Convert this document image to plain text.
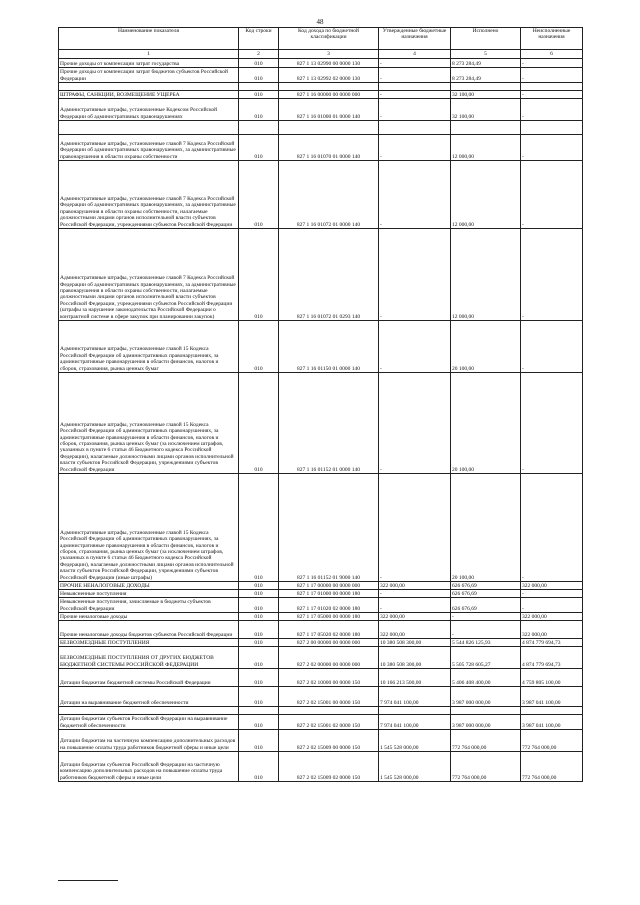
48
Наименование показателя	Код строки	Код дохода по бюджетной классификации	Утвержденные бюджетные назначения	Исполнено	Неисполненные назначения
1	2	3	4	5	6
Прочие доходы от компенсации затрат государства	010	827 1 13 02990 00 0000 130	-	8 273 284,49	-
Прочие доходы от компенсации затрат бюджетов субъектов Российской Федерации	010	827 1 13 02992 02 0000 130	-	8 273 284,49	-

ШТРАФЫ, САНКЦИИ, ВОЗМЕЩЕНИЕ УЩЕРБА	010	827 1 16 00000 00 0000 000	-	32 100,00	-
Административные штрафы, установленные Кодексом Российской Федерации об административных правонарушениях	010	827 1 16 01000 01 0000 140	-	32 100,00	-

Административные штрафы, установленные главой 7 Кодекса Российской Федерации об административных правонарушениях, за административные правонарушения в области охраны собственности	010	827 1 16 01070 01 0000 140	-	12 000,00	-
Административные штрафы, установленные главой 7 Кодекса Российской Федерации об административных правонарушениях, за административные правонарушения в области охраны собственности, налагаемые должностными лицами органов исполнительной власти субъектов Российской Федерации, учреждениями субъектов Российской Федерации	010	827 1 16 01072 01 0000 140	-	12 000,00	-
Административные штрафы, установленные главой 7 Кодекса Российской Федерации об административных правонарушениях, за административные правонарушения в области охраны собственности, налагаемые должностными лицами органов исполнительной власти субъектов Российской Федерации, учреждениями субъектов Российской Федерации (штрафы за нарушение законодательства Российской Федерации о контрактной системе в сфере закупок при планировании закупок)	010	827 1 16 01072 01 0293 140	-	12 000,00	-
Административные штрафы, установленные главой 15 Кодекса Российской Федерации об административных правонарушениях, за административные правонарушения в области финансов, налогов и сборов, страхования, рынка ценных бумаг	010	827 1 16 01150 01 0000 140	-	20 100,00	-
Административные штрафы, установленные главой 15 Кодекса Российской Федерации об административных правонарушениях, за административные правонарушения в области финансов, налогов и сборов, страхования, рынка ценных бумаг (за исключением штрафов, указанных в пункте 6 статьи 46 Бюджетного кодекса Российской Федерации), налагаемые должностными лицами органов исполнительной власти субъектов Российской Федерации, учреждениями субъектов Российской Федерации	010	827 1 16 01152 01 0000 140	-	20 100,00	-
Административные штрафы, установленные главой 15 Кодекса Российской Федерации об административных правонарушениях, за административные правонарушения в области финансов, налогов и сборов, страхования, рынка ценных бумаг (за исключением штрафов, указанных в пункте 6 статьи 46 Бюджетного кодекса Российской Федерации), налагаемые должностными лицами органов исполнительной власти субъектов Российской Федерации, учреждениями субъектов Российской Федерации (иные штрафы)	010	827 1 16 01152 01 9000 140	-	20 100,00	-
ПРОЧИЕ НЕНАЛОГОВЫЕ ДОХОДЫ	010	827 1 17 00000 00 0000 000	322 000,00	626 676,69	322 000,00
Невыясненные поступления	010	827 1 17 01000 00 0000 180	-	626 676,69	-
Невыясненные поступления, зачисляемые в бюджеты субъектов Российской Федерации	010	827 1 17 01020 02 0000 180	-	626 676,69	-
Прочие неналоговые доходы	010	827 1 17 05000 00 0000 180	322 000,00	-	322 000,00
Прочие неналоговые доходы бюджетов субъектов Российской Федерации	010	827 1 17 05020 02 0000 180	322 000,00	-	322 000,00
БЕЗВОЗМЕЗДНЫЕ ПОСТУПЛЕНИЯ	010	827 2 00 00000 00 0000 000	10 380 508 300,00	5 544 826 125,93	4 874 779 694,73
БЕЗВОЗМЕЗДНЫЕ ПОСТУПЛЕНИЯ ОТ ДРУГИХ БЮДЖЕТОВ БЮДЖЕТНОЙ СИСТЕМЫ РОССИЙСКОЙ ФЕДЕРАЦИИ	010	827 2 02 00000 00 0000 000	10 380 508 300,00	5 505 728 605,27	4 874 779 694,73
Дотации бюджетам бюджетной системы Российской Федерации	010	827 2 02 10000 00 0000 150	10 166 213 500,00	5 406 408 400,00	4 759 805 100,00
Дотации на выравнивание бюджетной обеспеченности	010	827 2 02 15001 00 0000 150	7 974 041 100,00	3 987 000 000,00	3 987 041 100,00

Дотации бюджетам субъектов Российской Федерации на выравнивание бюджетной обеспеченности	010	827 2 02 15001 02 0000 150	7 974 041 100,00	3 987 000 000,00	3 987 041 100,00
Дотации бюджетам на частичную компенсацию дополнительных расходов на повышение оплаты труда работников бюджетной сферы и иные цели	010	827 2 02 15009 00 0000 150	1 545 528 000,00	772 764 000,00	772 764 000,00
Дотации бюджетам субъектов Российской Федерации на частичную компенсацию дополнительных расходов на повышение оплаты труда работников бюджетной сферы и иные цели	010	827 2 02 15009 02 0000 150	1 545 528 000,00	772 764 000,00	772 764 000,00
